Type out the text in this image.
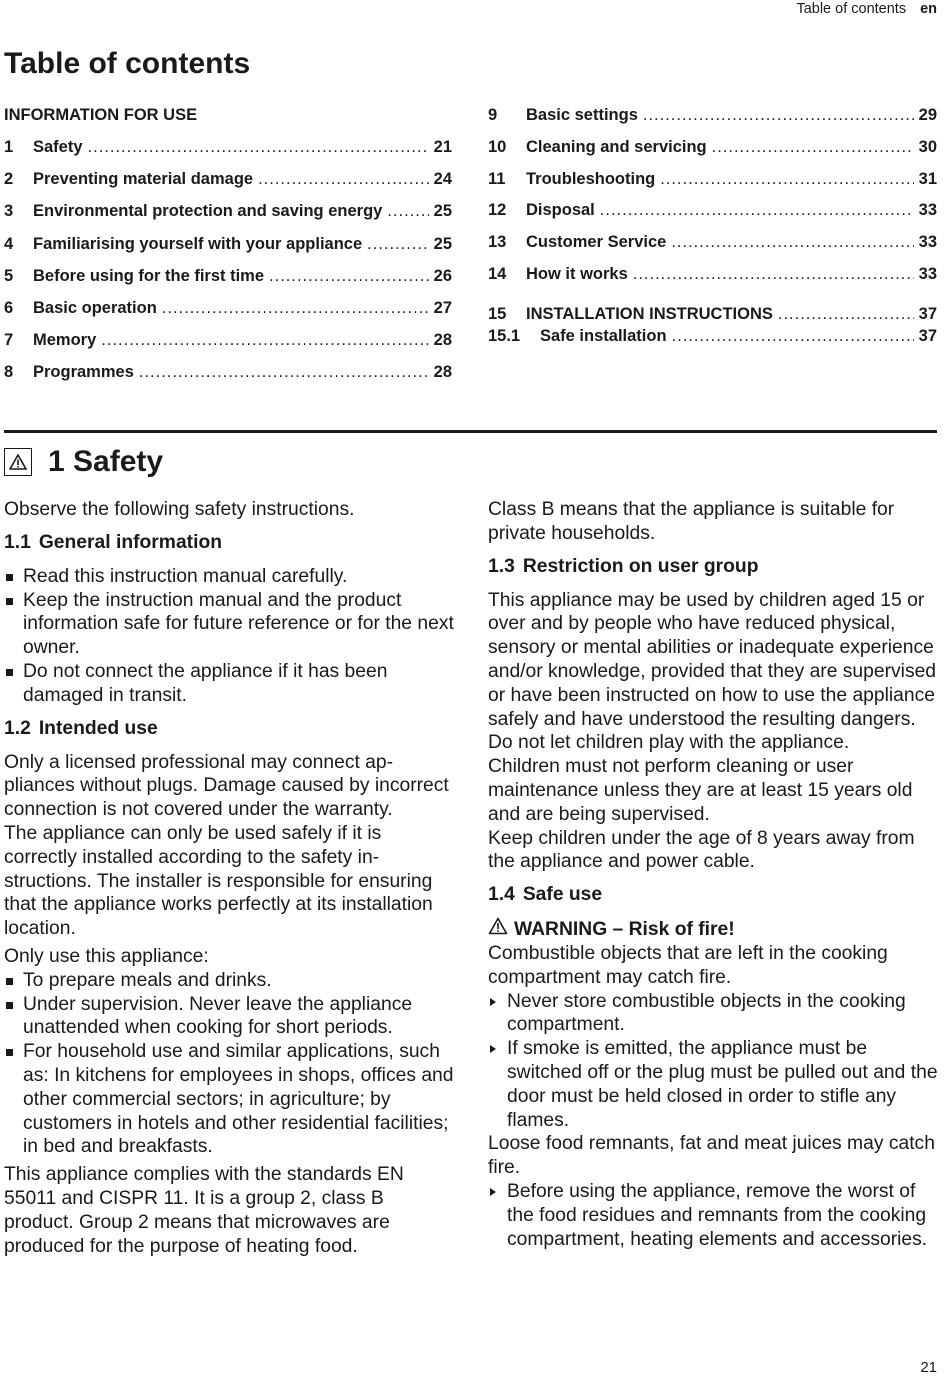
Table of contents en
Table of contents
INFORMATION FOR USE
1	Safety .....	21
2	Preventing material damage .....	24
3	Environmental protection and saving energy .....	25
4	Familiarising yourself with your appliance .....	25
5	Before using for the first time .....	26
6	Basic operation .....	27
7	Memory .....	28
8	Programmes .....	28
9	Basic settings .....	29
10	Cleaning and servicing .....	30
11	Troubleshooting .....	31
12	Disposal .....	33
13	Customer Service .....	33
14	How it works .....	33
15	INSTALLATION INSTRUCTIONS .....	37
15.1	Safe installation .....	37
1 Safety

Observe the following safety instructions.

1.1 General information
Read this instruction manual carefully.
Keep the instruction manual and the product information safe for future reference or for the next owner.
Do not connect the appliance if it has been damaged in transit.
1.2 Intended use

Only a licensed professional may connect appliances without plugs. Damage caused by incorrect connection is not covered under the warranty.

The appliance can only be used safely if it is correctly installed according to the safety instructions. The installer is responsible for ensuring that the appliance works perfectly at its installation location.

Only use this appliance:

To prepare meals and drinks.
Under supervision. Never leave the appliance unattended when cooking for short periods.
For household use and similar applications, such as: In kitchens for employees in shops, offices and other commercial sectors; in agriculture; by customers in hotels and other residential facilities; in bed and breakfasts.

This appliance complies with the standards EN 55011 and CISPR 11. It is a group 2, class B product. Group 2 means that microwaves are produced for the purpose of heating food.

Class B means that the appliance is suitable for private households.

1.3 Restriction on user group

This appliance may be used by children aged 15 or over and by people who have reduced physical, sensory or mental abilities or inadequate experience and/or knowledge, provided that they are supervised or have been instructed on how to use the appliance safely and have understood the resulting dangers.

Do not let children play with the appliance.

Children must not perform cleaning or user maintenance unless they are at least 15 years old and are being supervised.

Keep children under the age of 8 years away from the appliance and power cable.

1.4 Safe use
WARNING – Risk of fire!

Combustible objects that are left in the cooking compartment may catch fire.

Never store combustible objects in the cooking compartment.
If smoke is emitted, the appliance must be switched off or the plug must be pulled out and the door must be held closed in order to stifle any flames.

Loose food remnants, fat and meat juices may catch fire.

Before using the appliance, remove the worst of the food residues and remnants from the cooking compartment, heating elements and accessories.
21
